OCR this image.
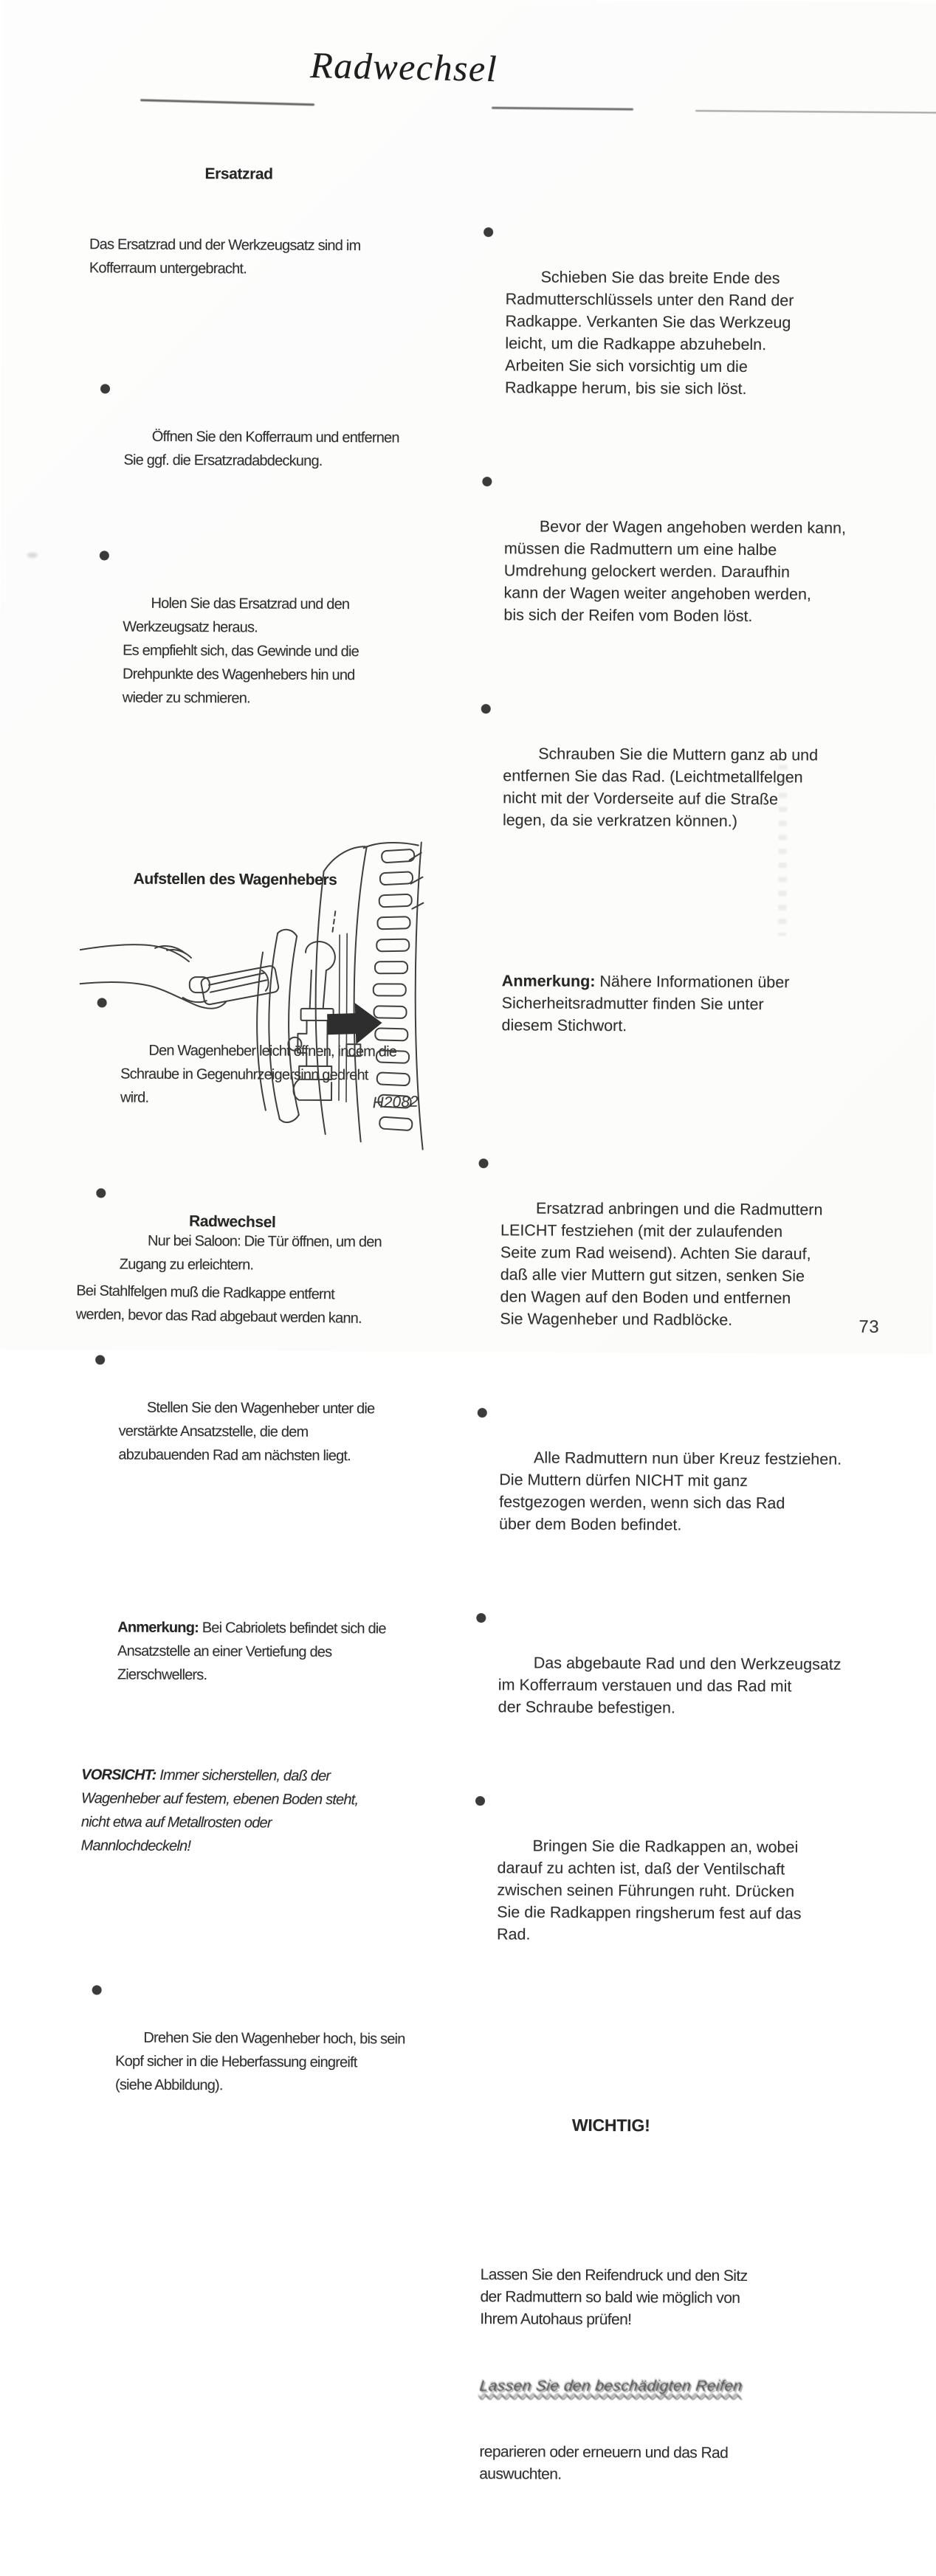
Radwechsel

Ersatzrad

Das Ersatzrad und der Werkzeugsatz sind im
Kofferraum untergebracht.

Öffnen Sie den Kofferraum und entfernen
Sie ggf. die Ersatzradabdeckung.

Holen Sie das Ersatzrad und den
Werkzeugsatz heraus.
Es empfiehlt sich, das Gewinde und die
Drehpunkte des Wagenhebers hin und
wieder zu schmieren.

Aufstellen des Wagenhebers

Den Wagenheber leicht öffnen, indem die
Schraube in Gegenuhrzeigersinn gedreht
wird.

Nur bei Saloon: Die Tür öffnen, um den
Zugang zu erleichtern.

Stellen Sie den Wagenheber unter die
verstärkte Ansatzstelle, die dem
abzubauenden Rad am nächsten liegt.

Anmerkung: Bei Cabriolets befindet sich die
Ansatzstelle an einer Vertiefung des
Zierschwellers.

VORSICHT: Immer sicherstellen, daß der
Wagenheber auf festem, ebenen Boden steht,
nicht etwa auf Metallrosten oder
Mannlochdeckeln!

Drehen Sie den Wagenheber hoch, bis sein
Kopf sicher in die Heberfassung eingreift
(siehe Abbildung).

H2082

Radwechsel

Bei Stahlfelgen muß die Radkappe entfernt
werden, bevor das Rad abgebaut werden kann.

Schieben Sie das breite Ende des
Radmutterschlüssels unter den Rand der
Radkappe. Verkanten Sie das Werkzeug
leicht, um die Radkappe abzuhebeln.
Arbeiten Sie sich vorsichtig um die
Radkappe herum, bis sie sich löst.

Bevor der Wagen angehoben werden kann,
müssen die Radmuttern um eine halbe
Umdrehung gelockert werden. Daraufhin
kann der Wagen weiter angehoben werden,
bis sich der Reifen vom Boden löst.

Schrauben Sie die Muttern ganz ab und
entfernen Sie das Rad. (Leichtmetallfelgen
nicht mit der Vorderseite auf die Straße
legen, da sie verkratzen können.)

Anmerkung: Nähere Informationen über
Sicherheitsradmutter finden Sie unter
diesem Stichwort.

Ersatzrad anbringen und die Radmuttern
LEICHT festziehen (mit der zulaufenden
Seite zum Rad weisend). Achten Sie darauf,
daß alle vier Muttern gut sitzen, senken Sie
den Wagen auf den Boden und entfernen
Sie Wagenheber und Radblöcke.

Alle Radmuttern nun über Kreuz festziehen.
Die Muttern dürfen NICHT mit ganz
festgezogen werden, wenn sich das Rad
über dem Boden befindet.

Das abgebaute Rad und den Werkzeugsatz
im Kofferraum verstauen und das Rad mit
der Schraube befestigen.

Bringen Sie die Radkappen an, wobei
darauf zu achten ist, daß der Ventilschaft
zwischen seinen Führungen ruht. Drücken
Sie die Radkappen ringsherum fest auf das
Rad.

WICHTIG!

Lassen Sie den Reifendruck und den Sitz
der Radmuttern so bald wie möglich von
Ihrem Autohaus prüfen!

Lassen Sie den beschädigten Reifen

reparieren oder erneuern und das Rad
auswuchten.

73
